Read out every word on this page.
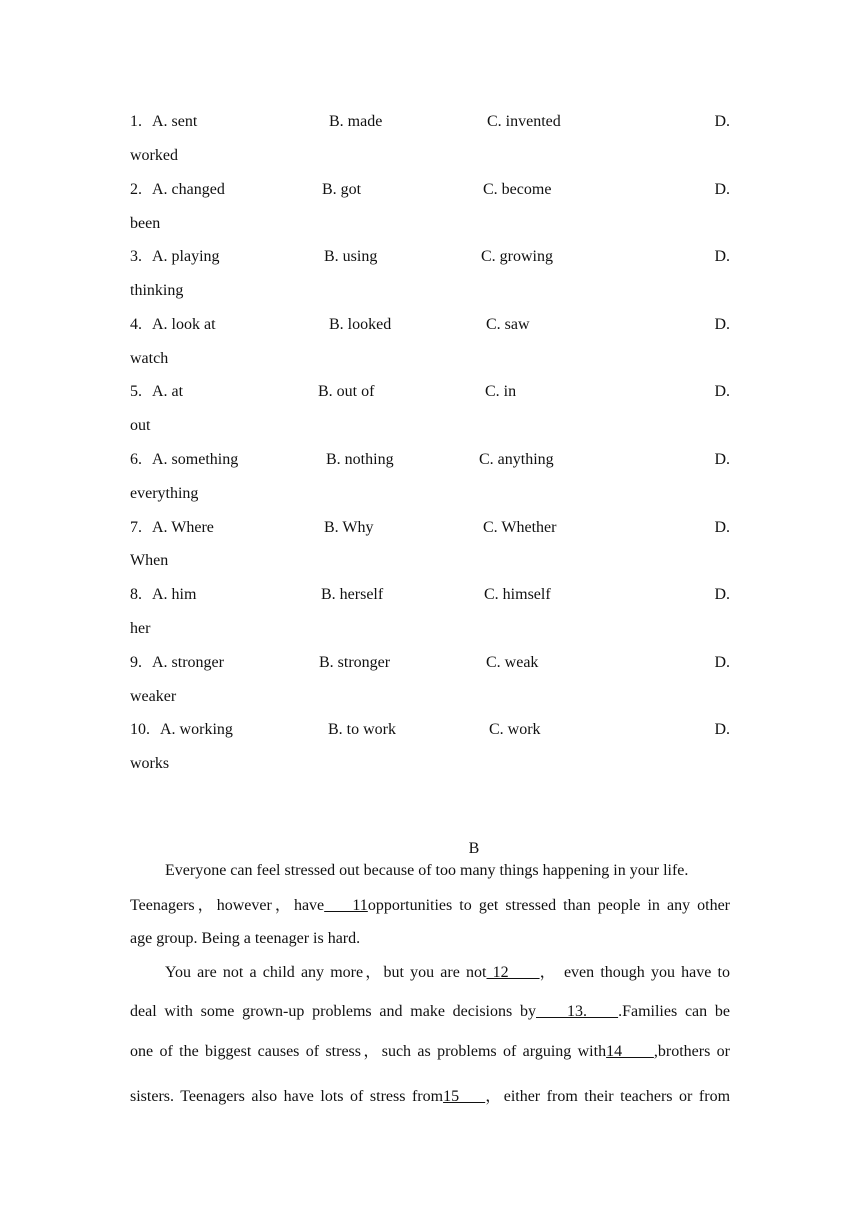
1. A. sent	B. made	C. invented	D.
worked
2. A. changed	B. got	C. become	D.
been
3. A. playing	B. using	C. growing	D.
thinking
4. A. look at	B. looked	C. saw	D.
watch
5. A. at	B. out of	C. in	D.
out
6. A. something	B. nothing	C. anything	D.
everything
7. A. Where	B. Why	C. Whether	D.
When
8. A. him	B. herself	C. himself	D.
her
9. A. stronger	B. stronger	C. weak	D.
weaker
10. A. working	B. to work	C. work	D.
works
B
Everyone can feel stressed out because of too many things happening in your life.
Teenagers，however，have    11opportunities to get stressed than people in any other
age group. Being a teenager is hard.
You are not a child any more，but you are not 12     ， even though you have to
deal with some grown-up problems and make decisions by    13.    .Families can be
one of the biggest causes of stress，such as problems of arguing with14     ,brothers or
sisters. Teenagers also have lots of stress from15    ，either from their teachers or from
